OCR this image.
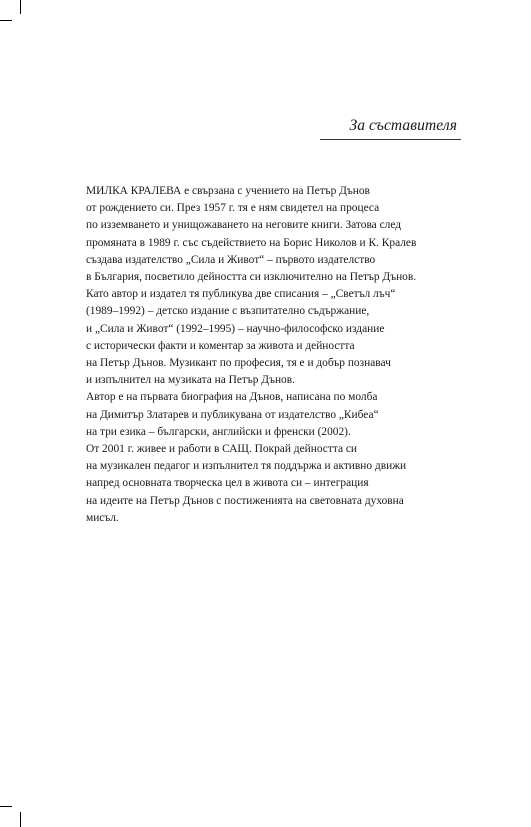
За съставителя

МИЛКА КРАЛЕВА е свързана с учението на Петър Дънов
от рождението си. През 1957 г. тя е ням свидетел на процеса
по изземването и унищожаването на неговите книги. Затова след
промяната в 1989 г. със съдействието на Борис Николов и К. Кралев
създава издателство „Сила и Живот“ – първото издателство
в България, посветило дейността си изключително на Петър Дънов.
Като автор и издател тя публикува две списания – „Светъл лъч“
(1989–1992) – детско издание с възпитателно съдържание,
и „Сила и Живот“ (1992–1995) – научно-философско издание
с исторически факти и коментар за живота и дейността
на Петър Дънов. Музикант по професия, тя е и добър познавач
и изпълнител на музиката на Петър Дънов.
Автор е на първата биография на Дънов, написана по молба
на Димитър Златарев и публикувана от издателство „Кибеа“
на три езика – български, английски и френски (2002).
От 2001 г. живее и работи в САЩ. Покрай дейността си
на музикален педагог и изпълнител тя поддържа и активно движи
напред основната творческа цел в живота си – интеграция
на идеите на Петър Дънов с постиженията на световната духовна
мисъл.
